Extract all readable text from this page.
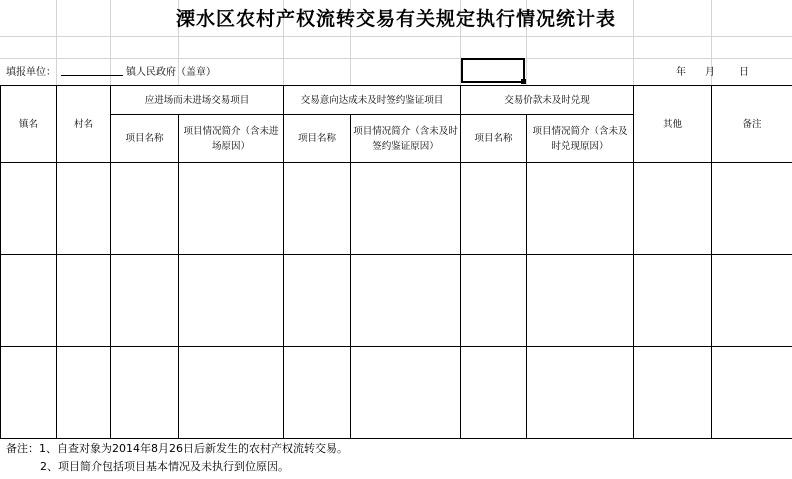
溧水区农村产权流转交易有关规定执行情况统计表
填报单位：	镇人民政府（盖章）	年 月 日
镇名	村名	应进场而未进场交易项目		交易意向达成未及时签约鉴证项目		交易价款未及时兑现		其他	备注
		项目名称	项目情况简介（含未进场原因）	项目名称	项目情况简介（含未及时签约鉴证原因）	项目名称	项目情况简介（含未及时兑现原因）		

备注：1、自查对象为2014年8月26日后新发生的农村产权流转交易。
2、项目简介包括项目基本情况及未执行到位原因。
